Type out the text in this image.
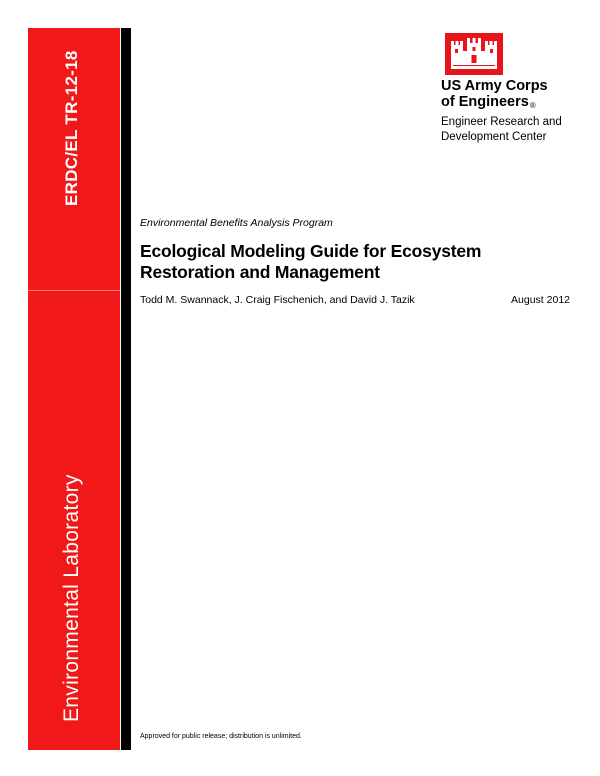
ERDC/EL TR-12-18
Environmental Laboratory
US Army Corps
of Engineers®
Engineer Research and
Development Center
Environmental Benefits Analysis Program
Ecological Modeling Guide for Ecosystem
Restoration and Management
Todd M. Swannack, J. Craig Fischenich, and David J. Tazik	August 2012
Approved for public release; distribution is unlimited.
